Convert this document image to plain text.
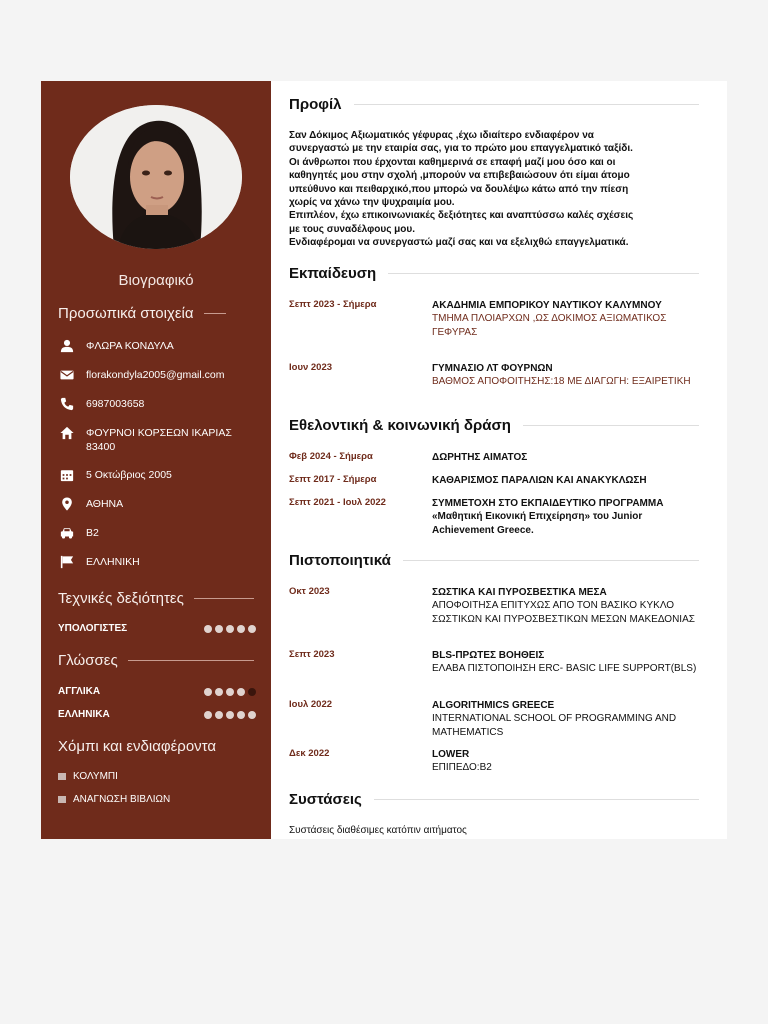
Βιογραφικό
Προσωπικά στοιχεία
ΦΛΩΡΑ ΚΟΝΔΥΛΑ
florakondyla2005@gmail.com
6987003658
ΦΟΥΡΝΟΙ ΚΟΡΣΕΩΝ ΙΚΑΡΙΑΣ 83400
5 Οκτώβριος 2005
ΑΘΗΝΑ
B2
ΕΛΛΗΝΙΚΗ
Τεχνικές δεξιότητες
ΥΠΟΛΟΓΙΣΤΕΣ
Γλώσσες
ΑΓΓΛΙΚΑ
ΕΛΛΗΝΙΚΑ
Χόμπι και ενδιαφέροντα
ΚΟΛΥΜΠΙ
ΑΝΑΓΝΩΣΗ ΒΙΒΛΙΩΝ
Προφίλ

Σαν Δόκιμος Αξιωματικός γέφυρας ,έχω ιδιαίτερο ενδιαφέρον να

συνεργαστώ με την εταιρία σας, για το πρώτο μου επαγγελματικό ταξίδι.

Οι άνθρωποι που έρχονται καθημερινά σε επαφή μαζί μου όσο και οι

καθηγητές μου στην σχολή ,μπορούν να επιβεβαιώσουν ότι είμαι άτομο

υπεύθυνο και πειθαρχικό,που μπορώ να δουλέψω κάτω από την πίεση

χωρίς να χάνω την ψυχραιμία μου.

Επιπλέον, έχω επικοινωνιακές δεξιότητες και αναπτύσσω καλές σχέσεις

με τους συναδέλφους μου.

Ενδιαφέρομαι να συνεργαστώ μαζί σας και να εξελιχθώ επαγγελματικά.

Εκπαίδευση
Σεπτ 2023 - Σήμερα	ΑΚΑΔΗΜΙΑ ΕΜΠΟΡΙΚΟΥ ΝΑΥΤΙΚΟΥ ΚΑΛΥΜΝΟΥ
ΤΜΗΜΑ ΠΛΟΙΑΡΧΩΝ ,ΩΣ ΔΟΚΙΜΟΣ ΑΞΙΩΜΑΤΙΚΟΣ ΓΕΦΥΡΑΣ
Ιουν 2023	ΓΥΜΝΑΣΙΟ ΛΤ ΦΟΥΡΝΩΝ
ΒΑΘΜΟΣ ΑΠΟΦΟΙΤΗΣΗΣ:18 ΜΕ ΔΙΑΓΩΓΗ: ΕΞΑΙΡΕΤΙΚΗ
Εθελοντική & κοινωνική δράση
Φεβ 2024 - Σήμερα	ΔΩΡΗΤΗΣ ΑΙΜΑΤΟΣ
Σεπτ 2017 - Σήμερα	ΚΑΘΑΡΙΣΜΟΣ ΠΑΡΑΛΙΩΝ ΚΑΙ ΑΝΑΚΥΚΛΩΣΗ
Σεπτ 2021 - Ιουλ 2022	ΣΥΜΜΕΤΟΧΗ ΣΤΟ ΕΚΠΑΙΔΕΥΤΙΚΟ ΠΡΟΓΡΑΜΜΑ «Μαθητική Εικονική Επιχείρηση» του Junior Achievement Greece.
Πιστοποιητικά
Οκτ 2023	ΣΩΣΤΙΚΑ ΚΑΙ ΠΥΡΟΣΒΕΣΤΙΚΑ ΜΕΣΑ
ΑΠΟΦΟΙΤΗΣΑ ΕΠΙΤΥΧΩΣ ΑΠΟ ΤΟΝ ΒΑΣΙΚΟ ΚΥΚΛΟ ΣΩΣΤΙΚΩΝ ΚΑΙ ΠΥΡΟΣΒΕΣΤΙΚΩΝ ΜΕΣΩΝ ΜΑΚΕΔΟΝΙΑΣ
Σεπτ 2023	BLS-ΠΡΩΤΕΣ ΒΟΗΘΕΙΣ
ΕΛΑΒΑ ΠΙΣΤΟΠΟΙΗΣΗ ERC- BASIC LIFE SUPPORT(BLS)
Ιουλ 2022	ALGORITHMICS GREECE
INTERNATIONAL SCHOOL OF PROGRAMMING AND MATHEMATICS
Δεκ 2022	LOWER
ΕΠΙΠΕΔΟ:Β2
Συστάσεις
Συστάσεις διαθέσιμες κατόπιν αιτήματος
